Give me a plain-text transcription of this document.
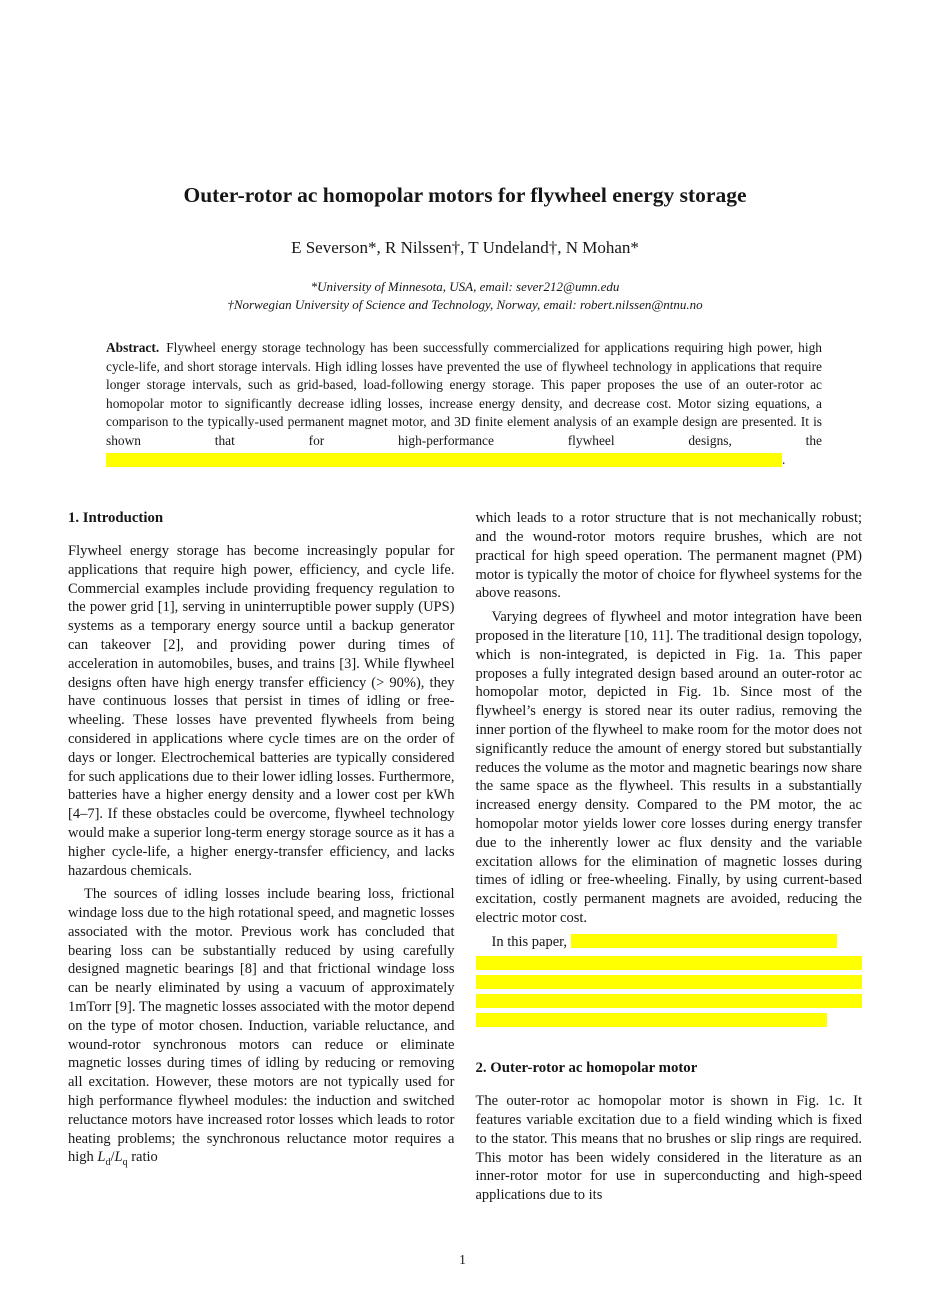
Outer-rotor ac homopolar motors for flywheel energy storage
E Severson*, R Nilssen†, T Undeland†, N Mohan*
*University of Minnesota, USA, email: sever212@umn.edu
†Norwegian University of Science and Technology, Norway, email: robert.nilssen@ntnu.no

Abstract. Flywheel energy storage technology has been successfully commercialized for applications requiring high power, high cycle-life, and short storage intervals. High idling losses have prevented the use of flywheel technology in applications that require longer storage intervals, such as grid-based, load-following energy storage. This paper proposes the use of an outer-rotor ac homopolar motor to significantly decrease idling losses, increase energy density, and decrease cost. Motor sizing equations, a comparison to the typically-used permanent magnet motor, and 3D finite element analysis of an example design are presented. It is shown that for high-performance flywheel designs, the .

1. Introduction

Flywheel energy storage has become increasingly popular for applications that require high power, efficiency, and cycle life. Commercial examples include providing frequency regulation to the power grid [1], serving in uninterruptible power supply (UPS) systems as a temporary energy source until a backup generator can takeover [2], and providing power during times of acceleration in automobiles, buses, and trains [3]. While flywheel designs often have high energy transfer efficiency (> 90%), they have continuous losses that persist in times of idling or free-wheeling. These losses have prevented flywheels from being considered in applications where cycle times are on the order of days or longer. Electrochemical batteries are typically considered for such applications due to their lower idling losses. Furthermore, batteries have a higher energy density and a lower cost per kWh [4–7]. If these obstacles could be overcome, flywheel technology would make a superior long-term energy storage source as it has a higher cycle-life, a higher energy-transfer efficiency, and lacks hazardous chemicals.

The sources of idling losses include bearing loss, frictional windage loss due to the high rotational speed, and magnetic losses associated with the motor. Previous work has concluded that bearing loss can be substantially reduced by using carefully designed magnetic bearings [8] and that frictional windage loss can be nearly eliminated by using a vacuum of approximately 1mTorr [9]. The magnetic losses associated with the motor depend on the type of motor chosen. Induction, variable reluctance, and wound-rotor synchronous motors can reduce or eliminate magnetic losses during times of idling by reducing or removing all excitation. However, these motors are not typically used for high performance flywheel modules: the induction and switched reluctance motors have increased rotor losses which leads to rotor heating problems; the synchronous reluctance motor requires a high $L_d/L_q$ ratio

which leads to a rotor structure that is not mechanically robust; and the wound-rotor motors require brushes, which are not practical for high speed operation. The permanent magnet (PM) motor is typically the motor of choice for flywheel systems for the above reasons.

Varying degrees of flywheel and motor integration have been proposed in the literature [10, 11]. The traditional design topology, which is non-integrated, is depicted in Fig. 1a. This paper proposes a fully integrated design based around an outer-rotor ac homopolar motor, depicted in Fig. 1b. Since most of the flywheel’s energy is stored near its outer radius, removing the inner portion of the flywheel to make room for the motor does not significantly reduce the amount of energy stored but substantially reduces the volume as the motor and magnetic bearings now share the same space as the flywheel. This results in a substantially increased energy density. Compared to the PM motor, the ac homopolar motor yields lower core losses during energy transfer due to the inherently lower ac flux density and the variable excitation allows for the elimination of magnetic losses during times of idling or free-wheeling. Finally, by using current-based excitation, costly permanent magnets are avoided, reducing the electric motor cost.

In this paper,

2. Outer-rotor ac homopolar motor

The outer-rotor ac homopolar motor is shown in Fig. 1c. It features variable excitation due to a field winding which is fixed to the stator. This means that no brushes or slip rings are required. This motor has been widely considered in the literature as an inner-rotor motor for use in superconducting and high-speed applications due to its

1
